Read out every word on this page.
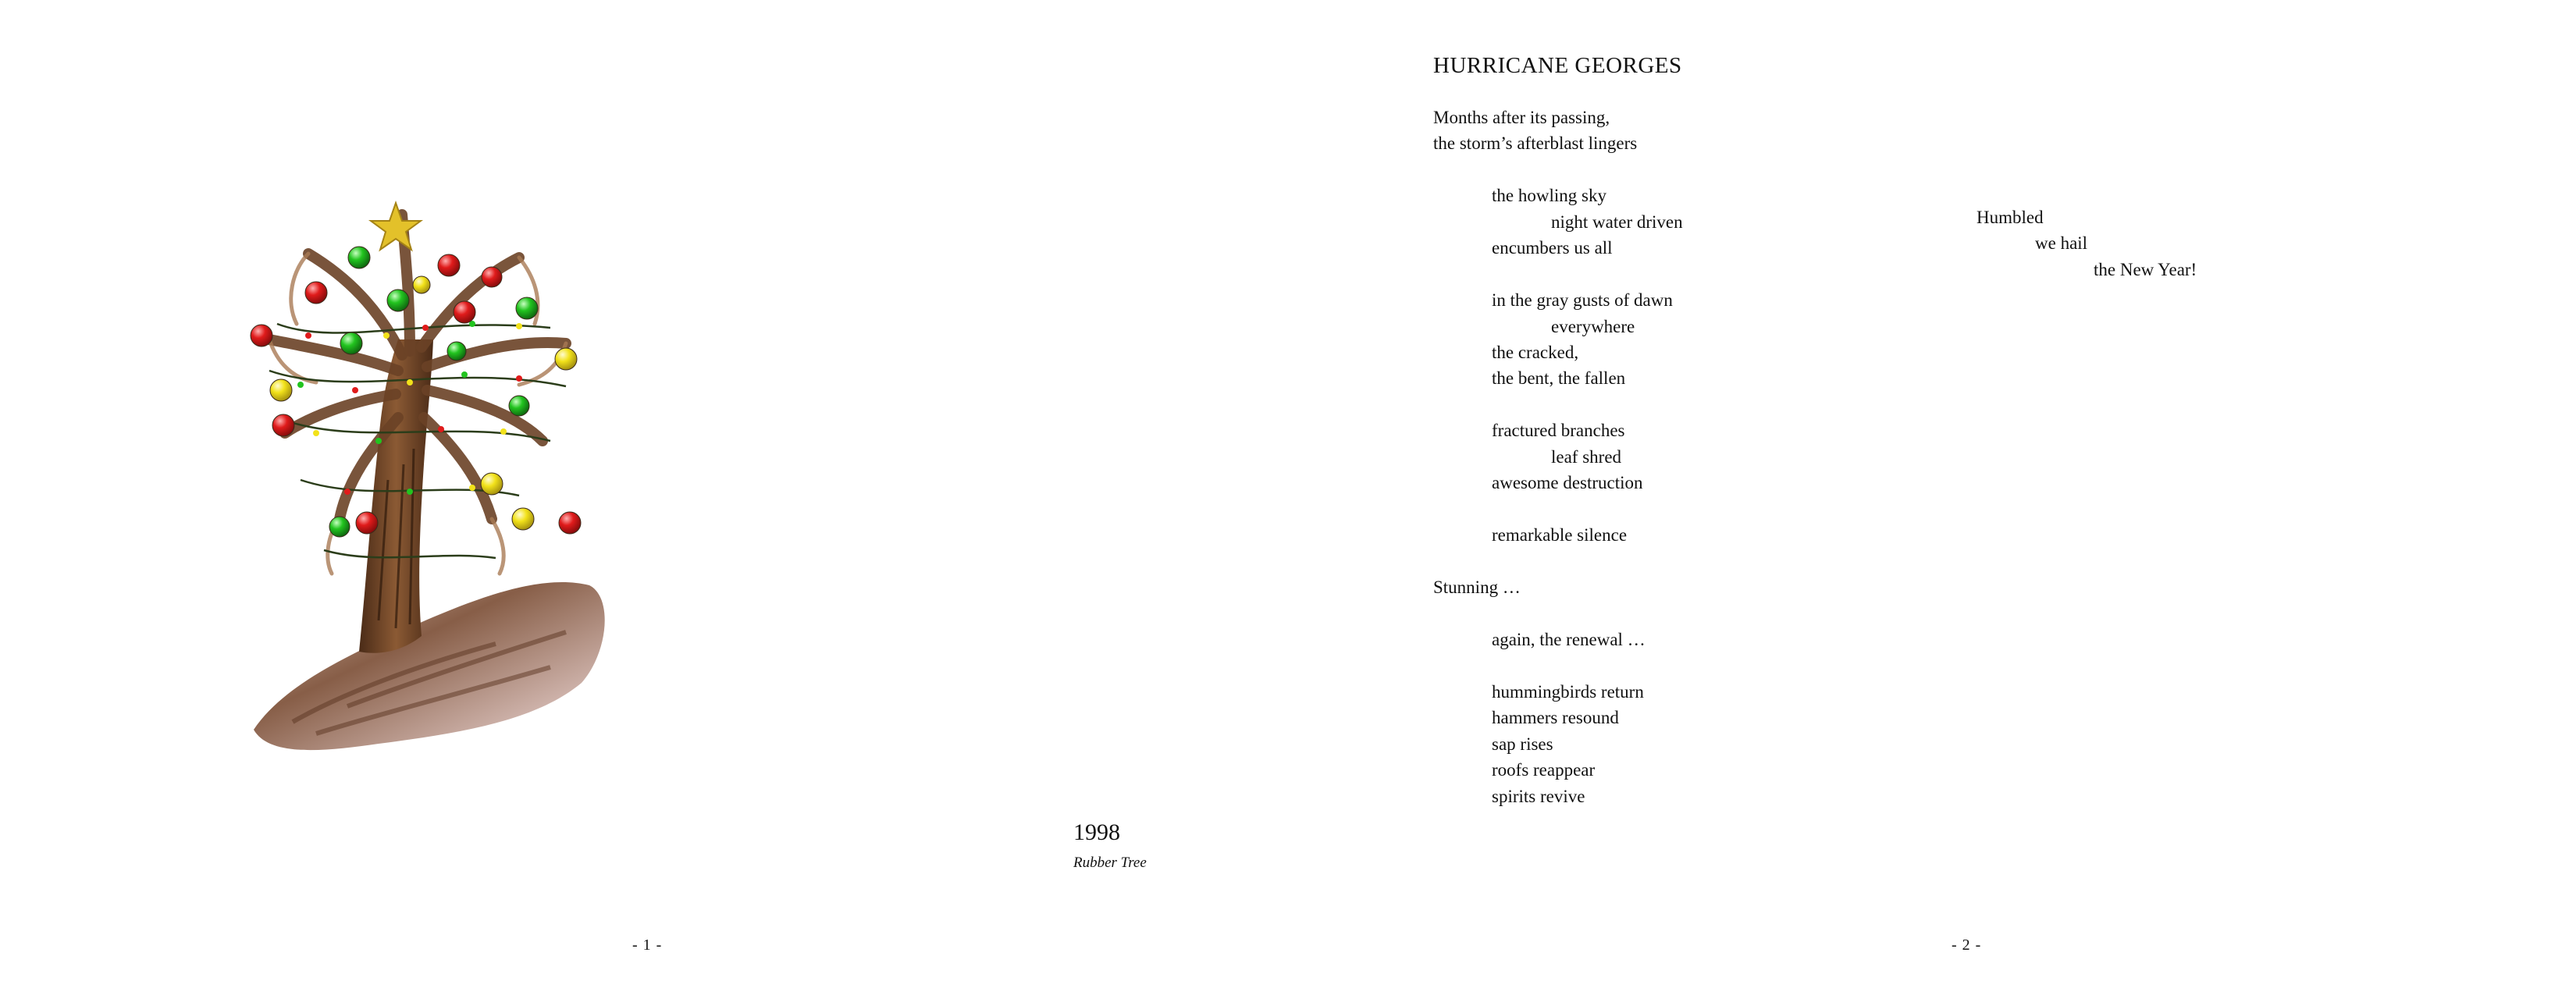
1998
Rubber Tree
- 1 -
HURRICANE GEORGES
Months after its passing,
the storm’s afterblast lingers
the howling sky
night water driven
encumbers us all
in the gray gusts of dawn
everywhere
the cracked,
the bent, the fallen
fractured branches
leaf shred
awesome destruction
remarkable silence
Stunning …
again, the renewal …
hummingbirds return
hammers resound
sap rises
roofs reappear
spirits revive
Humbled
we hail
the New Year!
- 2 -
